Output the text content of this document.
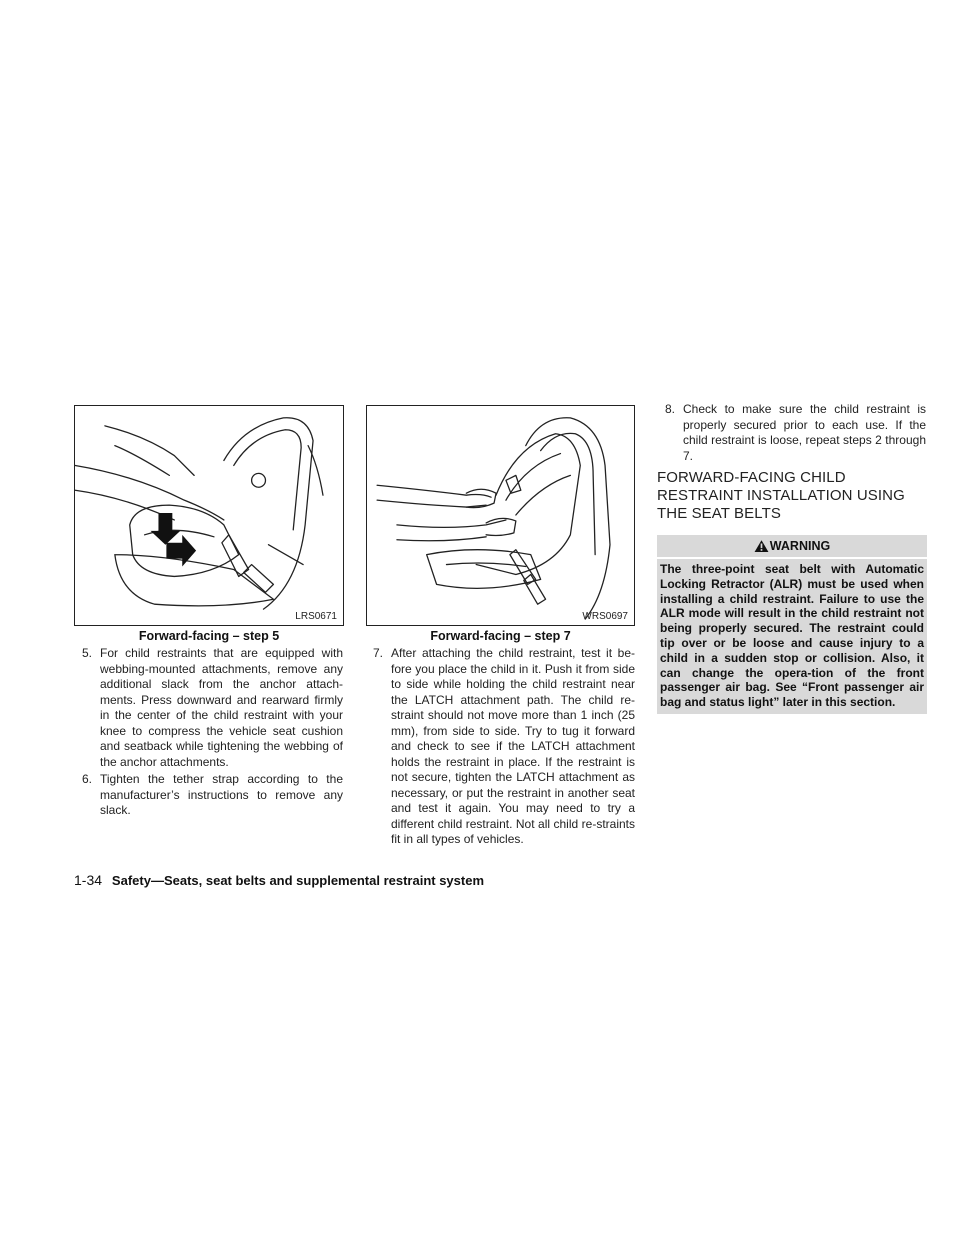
LRS0671
Forward-facing – step 5
WRS0697
Forward-facing – step 7
5. For child restraints that are equipped with webbing-mounted attachments, remove any additional slack from the anchor attach-ments. Press downward and rearward firmly in the center of the child restraint with your knee to compress the vehicle seat cushion and seatback while tightening the webbing of the anchor attachments.
6. Tighten the tether strap according to the manufacturer’s instructions to remove any slack.
7. After attaching the child restraint, test it be-fore you place the child in it. Push it from side to side while holding the child restraint near the LATCH attachment path. The child re-straint should not move more than 1 inch (25 mm), from side to side. Try to tug it forward and check to see if the LATCH attachment holds the restraint in place. If the restraint is not secure, tighten the LATCH attachment as necessary, or put the restraint in another seat and test it again. You may need to try a different child restraint. Not all child re-straints fit in all types of vehicles.
8. Check to make sure the child restraint is properly secured prior to each use. If the child restraint is loose, repeat steps 2 through 7.
FORWARD-FACING CHILD RESTRAINT INSTALLATION USING THE SEAT BELTS
WARNING
The three-point seat belt with Automatic Locking Retractor (ALR) must be used when installing a child restraint. Failure to use the ALR mode will result in the child restraint not being properly secured. The restraint could tip over or be loose and cause injury to a child in a sudden stop or collision. Also, it can change the opera-tion of the front passenger air bag. See “Front passenger air bag and status light” later in this section.
1-34 Safety—Seats, seat belts and supplemental restraint system
